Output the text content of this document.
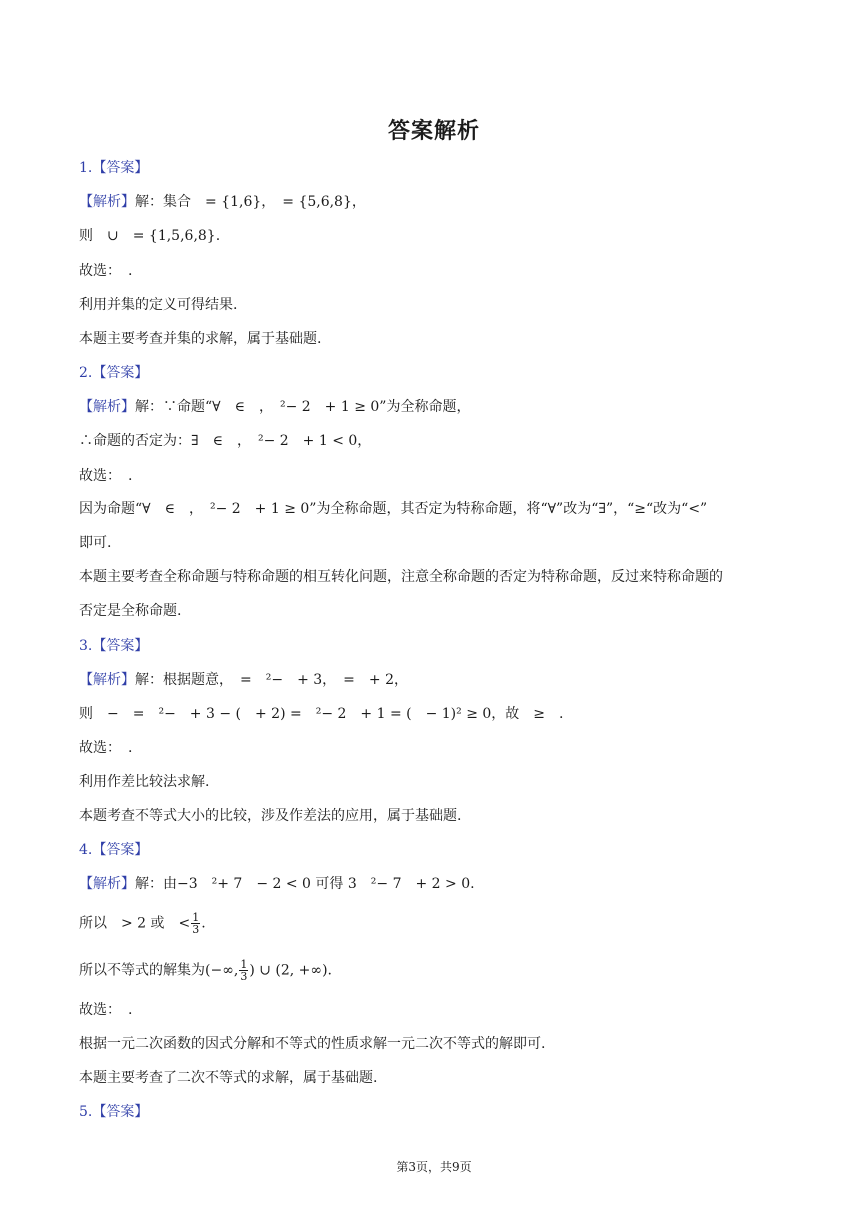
答案解析
1.【答案】
【解析】解：集合　= {1,6}，　= {5,6,8}，
则　∪　= {1,5,6,8}.
故选：　.
利用并集的定义可得结果.
本题主要考查并集的求解，属于基础题.
2.【答案】
【解析】解：∵命题“∀　∈　，　²− 2　+ 1 ≥ 0”为全称命题，
∴命题的否定为：∃　∈　，　²− 2　+ 1 < 0，
故选：　.
因为命题“∀　∈　，　²− 2　+ 1 ≥ 0”为全称命题，其否定为特称命题，将“∀”改为“∃”，“≥“改为“<”
即可.
本题主要考查全称命题与特称命题的相互转化问题，注意全称命题的否定为特称命题，反过来特称命题的
否定是全称命题.
3.【答案】
【解析】解：根据题意，　=　²−　+ 3，　=　+ 2，
则　−　=　²−　+ 3 − (　+ 2) =　²− 2　+ 1 = (　− 1)² ≥ 0，故　≥　.
故选：　.
利用作差比较法求解.
本题考查不等式大小的比较，涉及作差法的应用，属于基础题.
4.【答案】
【解析】解：由−3　²+ 7　− 2 < 0 可得 3　²− 7　+ 2 > 0.
所以　> 2 或　< $\frac{1}{3}$ .
所以不等式的解集为(−∞, $\frac{1}{3}$ ) ∪ (2, +∞).
故选：　.
根据一元二次函数的因式分解和不等式的性质求解一元二次不等式的解即可.
本题主要考查了二次不等式的求解，属于基础题.
5.【答案】
第3页，共9页
